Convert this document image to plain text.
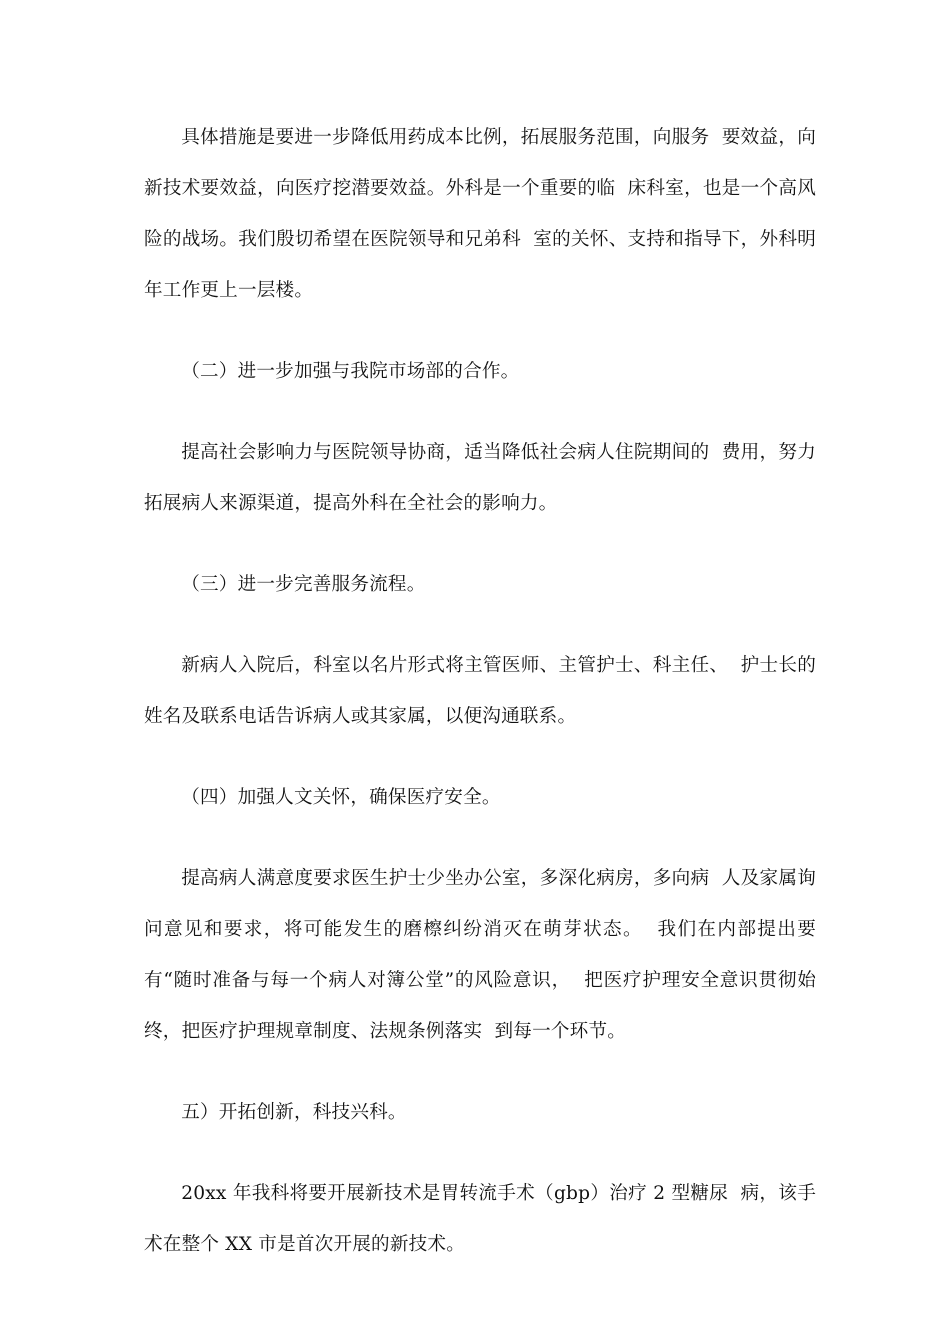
具体措施是要进一步降低用药成本比例，拓展服务范围，向服务  要效益，向新技术要效益，向医疗挖潜要效益。外科是一个重要的临  床科室，也是一个高风险的战场。我们殷切希望在医院领导和兄弟科  室的关怀、支持和指导下，外科明年工作更上一层楼。

（二）进一步加强与我院市场部的合作。

提高社会影响力与医院领导协商，适当降低社会病人住院期间的  费用，努力拓展病人来源渠道，提高外科在全社会的影响力。

（三）进一步完善服务流程。

新病人入院后，科室以名片形式将主管医师、主管护士、科主任、  护士长的姓名及联系电话告诉病人或其家属，以便沟通联系。

（四）加强人文关怀，确保医疗安全。

提高病人满意度要求医生护士少坐办公室，多深化病房，多向病  人及家属询问意见和要求，将可能发生的磨檫纠纷消灭在萌芽状态。  我们在内部提出要有“随时准备与每一个病人对簿公堂”的风险意识，  把医疗护理安全意识贯彻始终，把医疗护理规章制度、法规条例落实  到每一个环节。

五）开拓创新，科技兴科。

20xx 年我科将要开展新技术是胃转流手术（gbp）治疗 2 型糖尿  病，该手术在整个 XX 市是首次开展的新技术。
